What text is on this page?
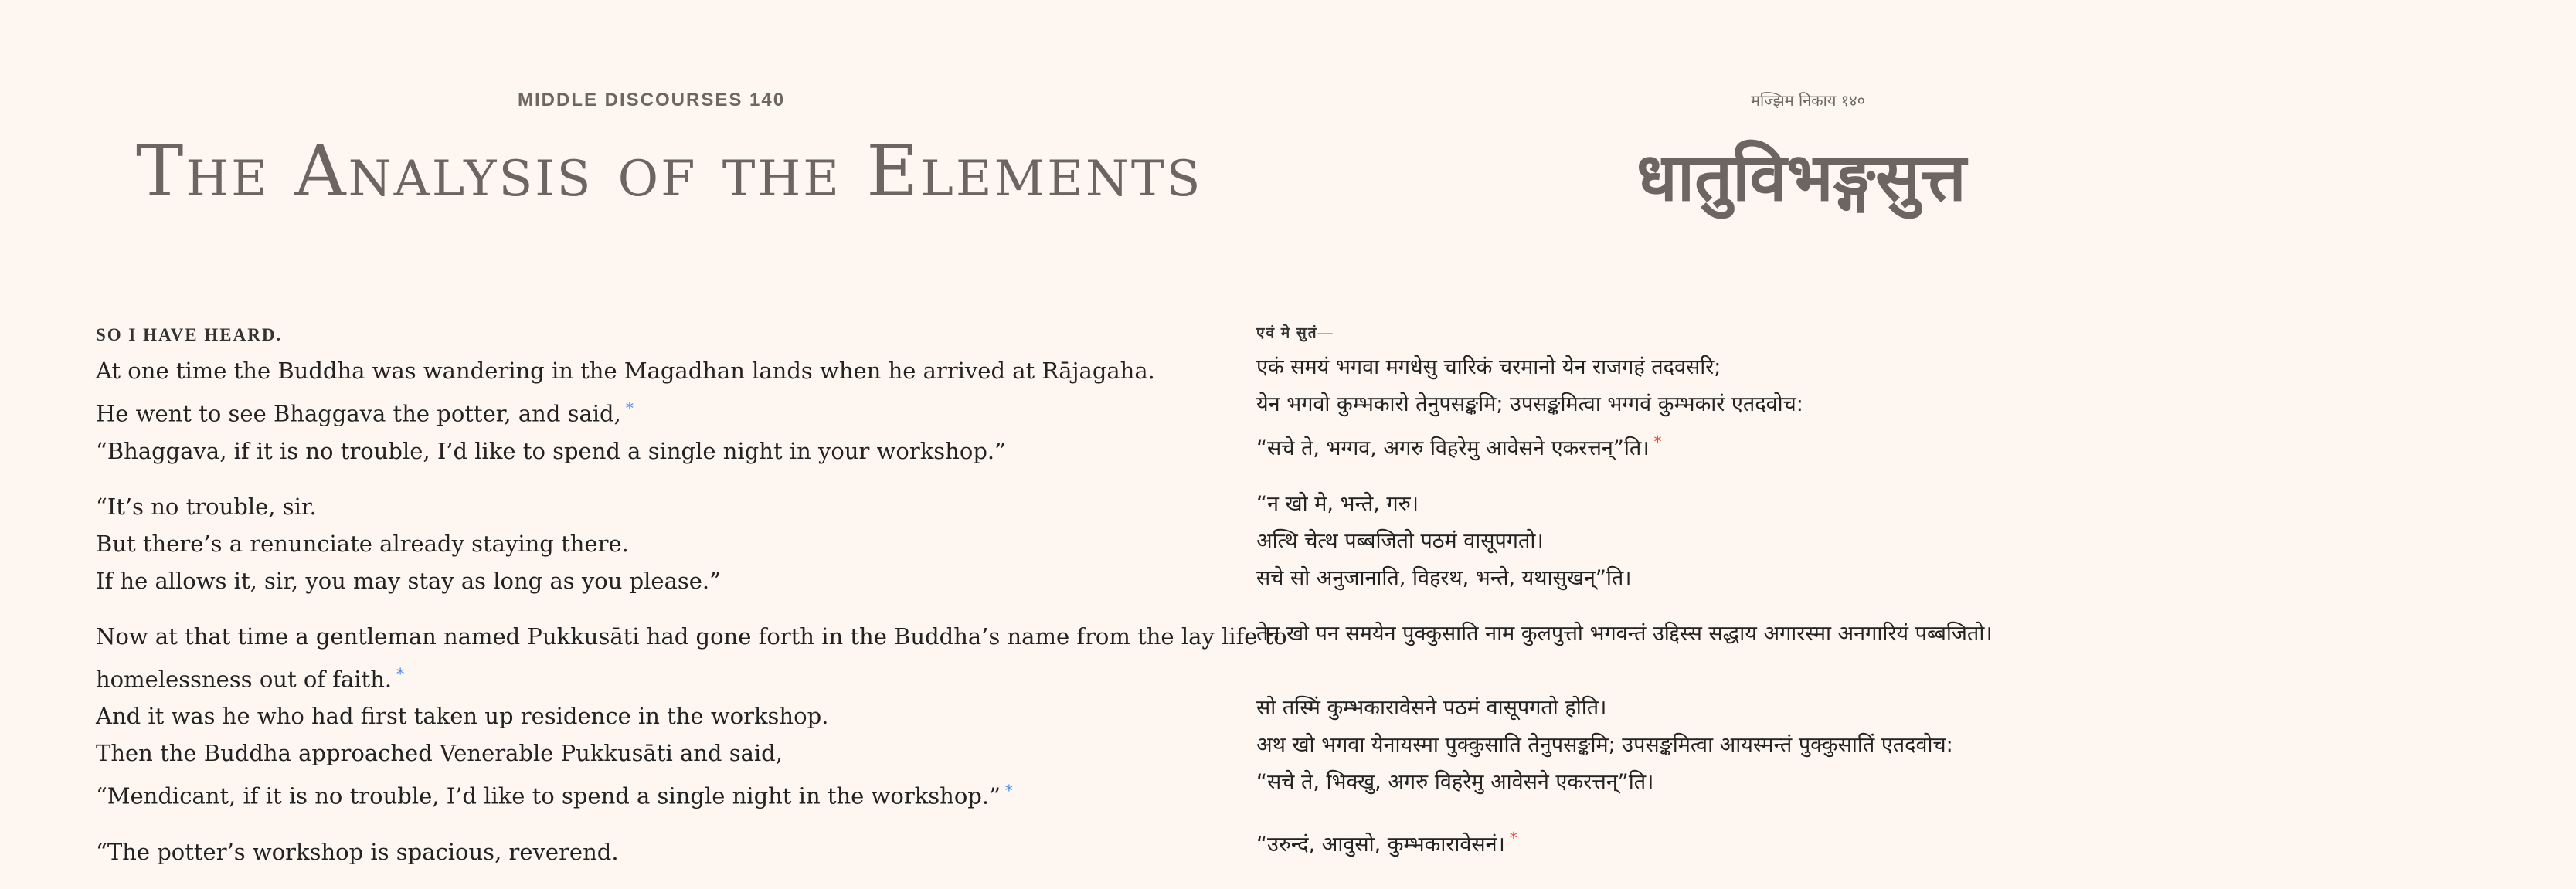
MIDDLE DISCOURSES 140
The Analysis of the Elements
SO I HAVE HEARD.
At one time the Buddha was wandering in the Magadhan lands when he arrived at Rājagaha.
He went to see Bhaggava the potter, and said, *
“Bhaggava, if it is no trouble, I’d like to spend a single night in your workshop.”
“It’s no trouble, sir.
But there’s a renunciate already staying there.
If he allows it, sir, you may stay as long as you please.”
Now at that time a gentleman named Pukkusāti had gone forth in the Buddha’s name from the lay life to
homelessness out of faith. *
And it was he who had first taken up residence in the workshop.
Then the Buddha approached Venerable Pukkusāti and said,
“Mendicant, if it is no trouble, I’d like to spend a single night in the workshop.” *
“The potter’s workshop is spacious, reverend.
मज्झिम निकाय १४०
धातुविभङ्गसुत्त
एवं मे सुतं—
एकं समयं भगवा मगधेसु चारिकं चरमानो येन राजगहं तदवसरि;
येन भगवो कुम्भकारो तेनुपसङ्कमि; उपसङ्कमित्वा भग्गवं कुम्भकारं एतदवोच:
“सचे ते, भग्गव, अगरु विहरेमु आवेसने एकरत्तन्”ति। *
“न खो मे, भन्ते, गरु।
अत्थि चेत्थ पब्बजितो पठमं वासूपगतो।
सचे सो अनुजानाति, विहरथ, भन्ते, यथासुखन्”ति।
तेन खो पन समयेन पुक्कुसाति नाम कुलपुत्तो भगवन्तं उद्दिस्स सद्धाय अगारस्मा अनगारियं पब्बजितो।

सो तस्मिं कुम्भकारावेसने पठमं वासूपगतो होति।
अथ खो भगवा येनायस्मा पुक्कुसाति तेनुपसङ्कमि; उपसङ्कमित्वा आयस्मन्तं पुक्कुसातिं एतदवोच:
“सचे ते, भिक्खु, अगरु विहरेमु आवेसने एकरत्तन्”ति।
“उरुन्दं, आवुसो, कुम्भकारावेसनं। *
